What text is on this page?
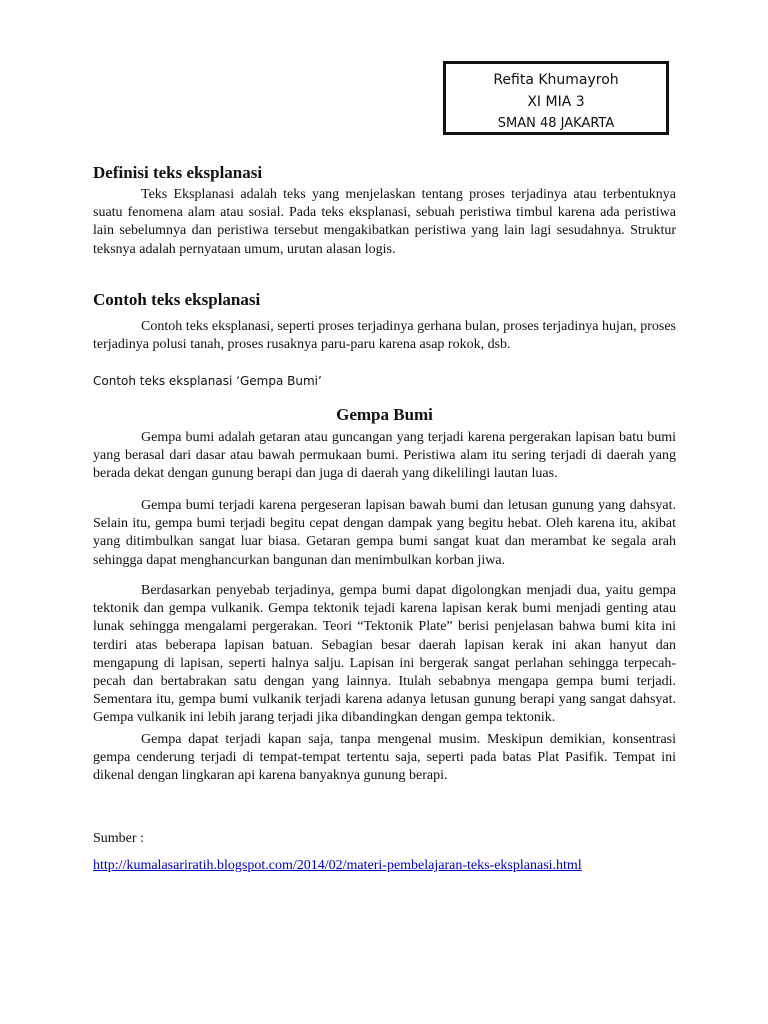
Refita Khumayroh
XI MIA 3
SMAN 48 JAKARTA
Definisi teks eksplanasi

Teks Eksplanasi adalah teks yang menjelaskan tentang proses terjadinya atau terbentuknya suatu fenomena alam atau sosial. Pada teks eksplanasi, sebuah peristiwa timbul karena ada peristiwa lain sebelumnya dan peristiwa tersebut mengakibatkan peristiwa yang lain lagi sesudahnya. Struktur teksnya adalah pernyataan umum, urutan alasan logis.

Contoh teks eksplanasi

Contoh teks eksplanasi, seperti proses terjadinya gerhana bulan, proses terjadinya hujan, proses terjadinya polusi tanah, proses rusaknya paru-paru karena asap rokok, dsb.

Contoh teks eksplanasi ‘Gempa Bumi’

Gempa Bumi

Gempa bumi adalah getaran atau guncangan yang terjadi karena pergerakan lapisan batu bumi yang berasal dari dasar atau bawah permukaan bumi. Peristiwa alam itu sering terjadi di daerah yang berada dekat dengan gunung berapi dan juga di daerah yang dikelilingi lautan luas.

Gempa bumi terjadi karena pergeseran lapisan bawah bumi dan letusan gunung yang dahsyat. Selain itu, gempa bumi terjadi begitu cepat dengan dampak yang begitu hebat. Oleh karena itu, akibat yang ditimbulkan sangat luar biasa. Getaran gempa bumi sangat kuat dan merambat ke segala arah sehingga dapat menghancurkan bangunan dan menimbulkan korban jiwa.

Berdasarkan penyebab terjadinya, gempa bumi dapat digolongkan menjadi dua, yaitu gempa tektonik dan gempa vulkanik. Gempa tektonik tejadi karena lapisan kerak bumi menjadi genting atau lunak sehingga mengalami pergerakan. Teori “Tektonik Plate” berisi penjelasan bahwa bumi kita ini terdiri atas beberapa lapisan batuan. Sebagian besar daerah lapisan kerak ini akan hanyut dan mengapung di lapisan, seperti halnya salju. Lapisan ini bergerak sangat perlahan sehingga terpecah-pecah dan bertabrakan satu dengan yang lainnya. Itulah sebabnya mengapa gempa bumi terjadi. Sementara itu, gempa bumi vulkanik terjadi karena adanya letusan gunung berapi yang sangat dahsyat. Gempa vulkanik ini lebih jarang terjadi jika dibandingkan dengan gempa tektonik.

Gempa dapat terjadi kapan saja, tanpa mengenal musim. Meskipun demikian, konsentrasi gempa cenderung terjadi di tempat-tempat tertentu saja, seperti pada batas Plat Pasifik. Tempat ini dikenal dengan lingkaran api karena banyaknya gunung berapi.

Sumber :

http://kumalasariratih.blogspot.com/2014/02/materi-pembelajaran-teks-eksplanasi.html
